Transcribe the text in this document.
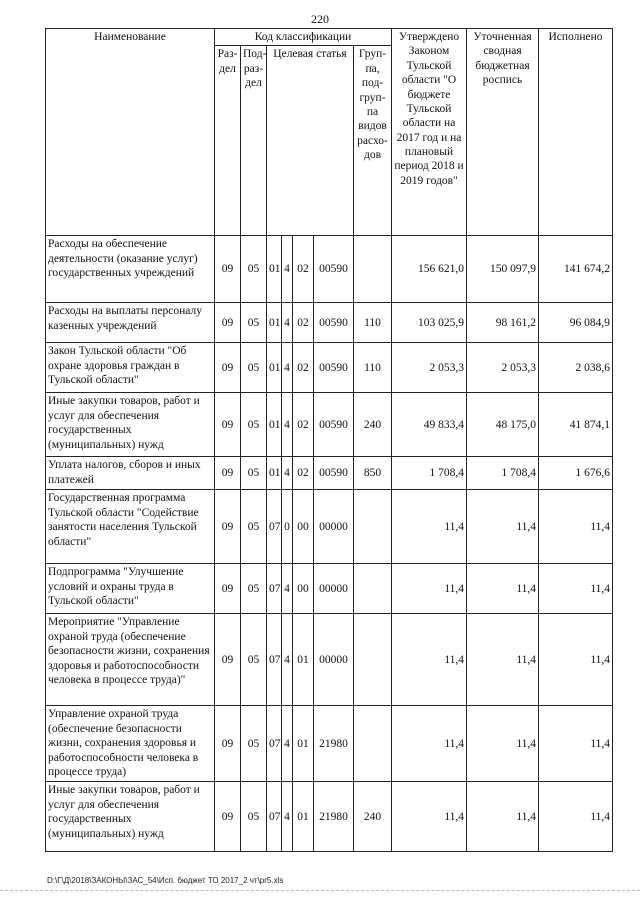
220
Наименование	Код классификации							Утверждено Законом Тульской области "О бюджете Тульской области на 2017 год и на плановый период 2018 и 2019 годов"	Уточненная сводная бюджетная роспись	Исполнено
	Раз-дел	Под-раз-дел	Целевая статья				Груп-па, под-груп-па видов расхо-дов			
Расходы на обеспечение деятельности (оказание услуг) государственных учреждений	09	05	01	4	02	00590		156 621,0	150 097,9	141 674,2
Расходы на выплаты персоналу казенных учреждений	09	05	01	4	02	00590	110	103 025,9	98 161,2	96 084,9
Закон Тульской области "Об охране здоровья граждан в Тульской области"	09	05	01	4	02	00590	110	2 053,3	2 053,3	2 038,6
Иные закупки товаров, работ и услуг для обеспечения государственных (муниципальных) нужд	09	05	01	4	02	00590	240	49 833,4	48 175,0	41 874,1
Уплата налогов, сборов и иных платежей	09	05	01	4	02	00590	850	1 708,4	1 708,4	1 676,6
Государственная программа Тульской области "Содействие занятости населения Тульской области"	09	05	07	0	00	00000		11,4	11,4	11,4
Подпрограмма "Улучшение условий и охраны труда в Тульской области"	09	05	07	4	00	00000		11,4	11,4	11,4
Мероприятие "Управление охраной труда (обеспечение безопасности жизни, сохранения здоровья и работоспособности человека в процессе труда)"	09	05	07	4	01	00000		11,4	11,4	11,4
Управление охраной труда (обеспечение безопасности жизни, сохранения здоровья и работоспособности человека в процессе труда)	09	05	07	4	01	21980		11,4	11,4	11,4
Иные закупки товаров, работ и услуг для обеспечения государственных (муниципальных) нужд	09	05	07	4	01	21980	240	11,4	11,4	11,4
D:\Г\Д\2018\ЗАКОНЫ\ЗАС_54\Исп. бюджет ТО 2017_2 чт\pr5.xls
